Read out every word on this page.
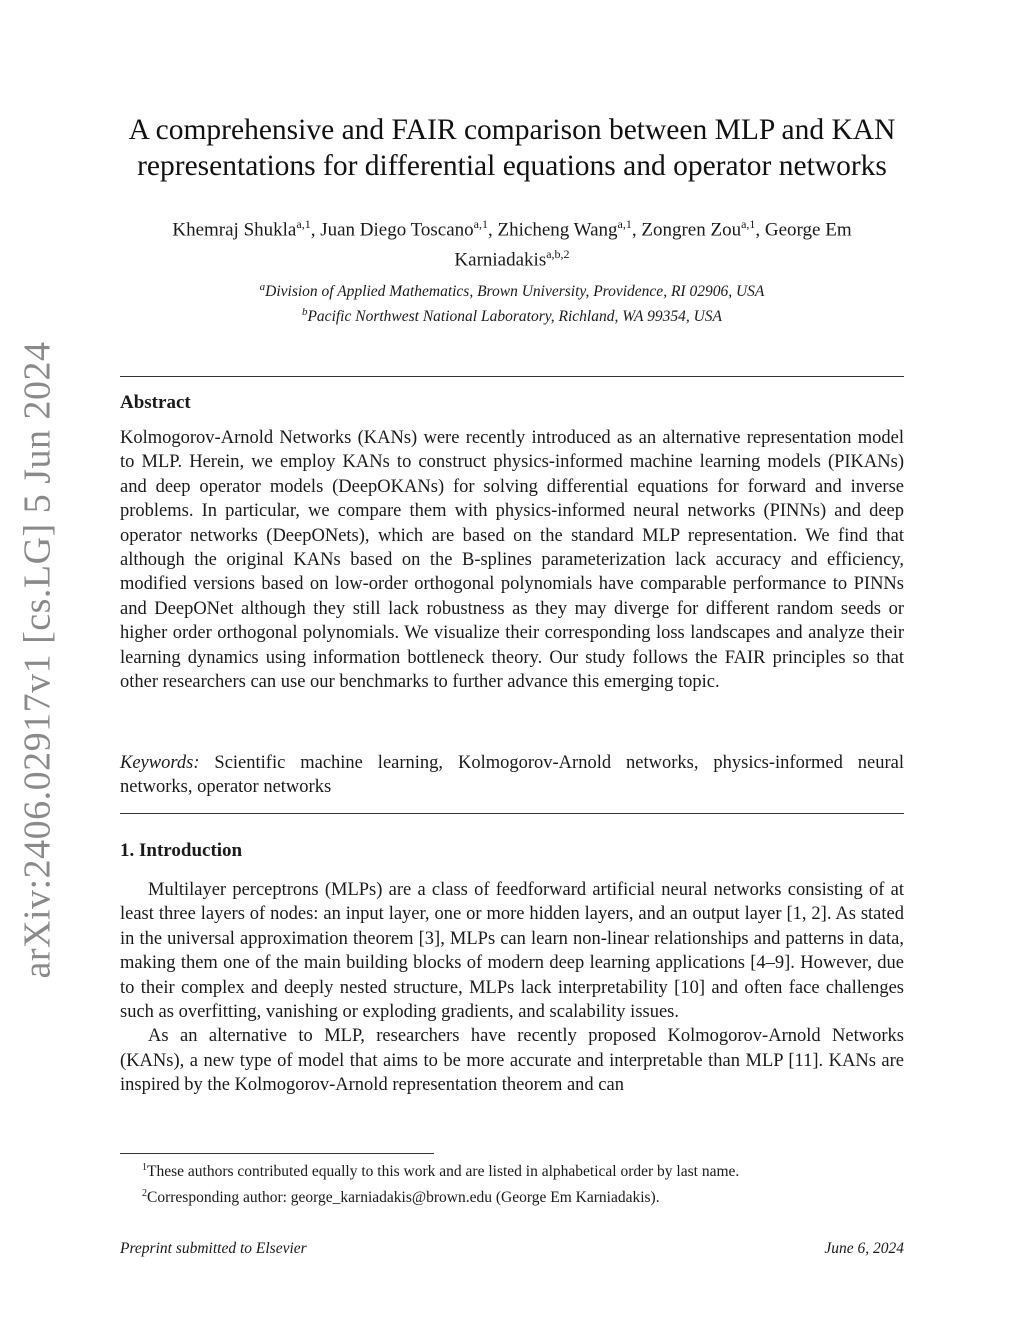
arXiv:2406.02917v1 [cs.LG] 5 Jun 2024
A comprehensive and FAIR comparison between MLP and KAN
representations for differential equations and operator networks
Khemraj Shukla$^{a,1}$, Juan Diego Toscano$^{a,1}$, Zhicheng Wang$^{a,1}$, Zongren Zou$^{a,1}$, George Em Karniadakis$^{a,b,2}$
$^a$Division of Applied Mathematics, Brown University, Providence, RI 02906, USA
$^b$Pacific Northwest National Laboratory, Richland, WA 99354, USA
Abstract
Kolmogorov-Arnold Networks (KANs) were recently introduced as an alternative representation model to MLP. Herein, we employ KANs to construct physics-informed machine learning models (PIKANs) and deep operator models (DeepOKANs) for solving differential equations for forward and inverse problems. In particular, we compare them with physics-informed neural networks (PINNs) and deep operator networks (DeepONets), which are based on the standard MLP representation. We find that although the original KANs based on the B-splines parameterization lack accuracy and efficiency, modified versions based on low-order orthogonal polynomials have comparable performance to PINNs and DeepONet although they still lack robustness as they may diverge for different random seeds or higher order orthogonal polynomials. We visualize their corresponding loss landscapes and analyze their learning dynamics using information bottleneck theory. Our study follows the FAIR principles so that other researchers can use our benchmarks to further advance this emerging topic.
Keywords: Scientific machine learning, Kolmogorov-Arnold networks, physics-informed neural networks, operator networks
1. Introduction

Multilayer perceptrons (MLPs) are a class of feedforward artificial neural networks consisting of at least three layers of nodes: an input layer, one or more hidden layers, and an output layer [1, 2]. As stated in the universal approximation theorem [3], MLPs can learn non-linear relationships and patterns in data, making them one of the main building blocks of modern deep learning applications [4–9]. However, due to their complex and deeply nested structure, MLPs lack interpretability [10] and often face challenges such as overfitting, vanishing or exploding gradients, and scalability issues.

As an alternative to MLP, researchers have recently proposed Kolmogorov-Arnold Networks (KANs), a new type of model that aims to be more accurate and interpretable than MLP [11]. KANs are inspired by the Kolmogorov-Arnold representation theorem and can

$^1$These authors contributed equally to this work and are listed in alphabetical order by last name.
$^2$Corresponding author: george_karniadakis@brown.edu (George Em Karniadakis).
Preprint submitted to Elsevier	June 6, 2024
